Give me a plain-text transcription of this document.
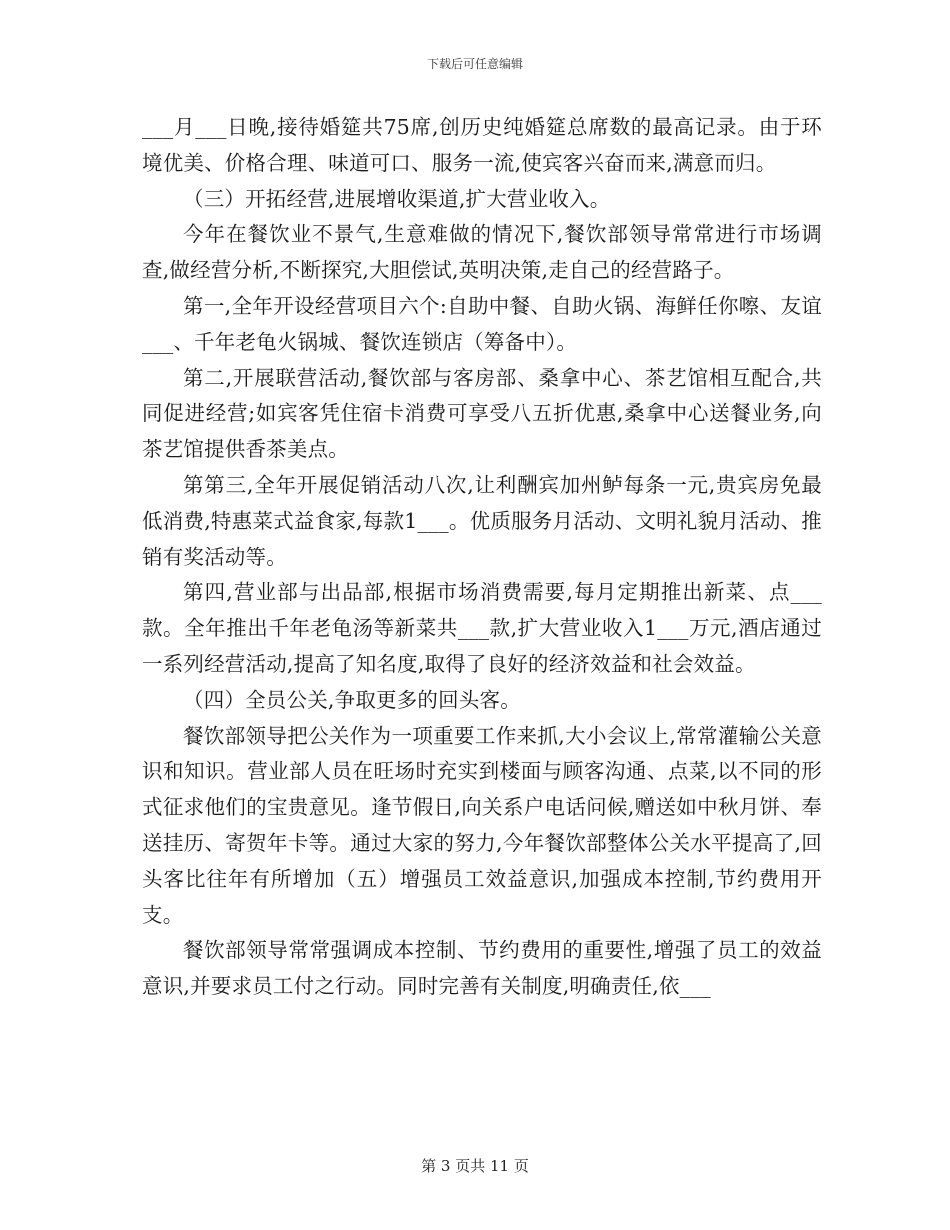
下载后可任意编辑

___月___日晚,接待婚筵共75席,创历史纯婚筵总席数的最高记录。由于环境优美、价格合理、味道可口、服务一流,使宾客兴奋而来,满意而归。

（三）开拓经营,进展增收渠道,扩大营业收入。

今年在餐饮业不景气,生意难做的情况下,餐饮部领导常常进行市场调查,做经营分析,不断探究,大胆偿试,英明决策,走自己的经营路子。

第一,全年开设经营项目六个:自助中餐、自助火锅、海鲜任你嚓、友谊___、千年老龟火锅城、餐饮连锁店（筹备中）。

第二,开展联营活动,餐饮部与客房部、桑拿中心、茶艺馆相互配合,共同促进经营;如宾客凭住宿卡消费可享受八五折优惠,桑拿中心送餐业务,向茶艺馆提供香茶美点。

第第三,全年开展促销活动八次,让利酬宾加州鲈每条一元,贵宾房免最低消费,特惠菜式益食家,每款1___。优质服务月活动、文明礼貌月活动、推销有奖活动等。

第四,营业部与出品部,根据市场消费需要,每月定期推出新菜、点___款。全年推出千年老龟汤等新菜共___款,扩大营业收入1___万元,酒店通过一系列经营活动,提高了知名度,取得了良好的经济效益和社会效益。

（四）全员公关,争取更多的回头客。

餐饮部领导把公关作为一项重要工作来抓,大小会议上,常常灌输公关意识和知识。营业部人员在旺场时充实到楼面与顾客沟通、点菜,以不同的形式征求他们的宝贵意见。逢节假日,向关系户电话问候,赠送如中秋月饼、奉送挂历、寄贺年卡等。通过大家的努力,今年餐饮部整体公关水平提高了,回头客比往年有所增加（五）增强员工效益意识,加强成本控制,节约费用开支。

餐饮部领导常常强调成本控制、节约费用的重要性,增强了员工的效益意识,并要求员工付之行动。同时完善有关制度,明确责任,依___

第 3 页共 11 页
